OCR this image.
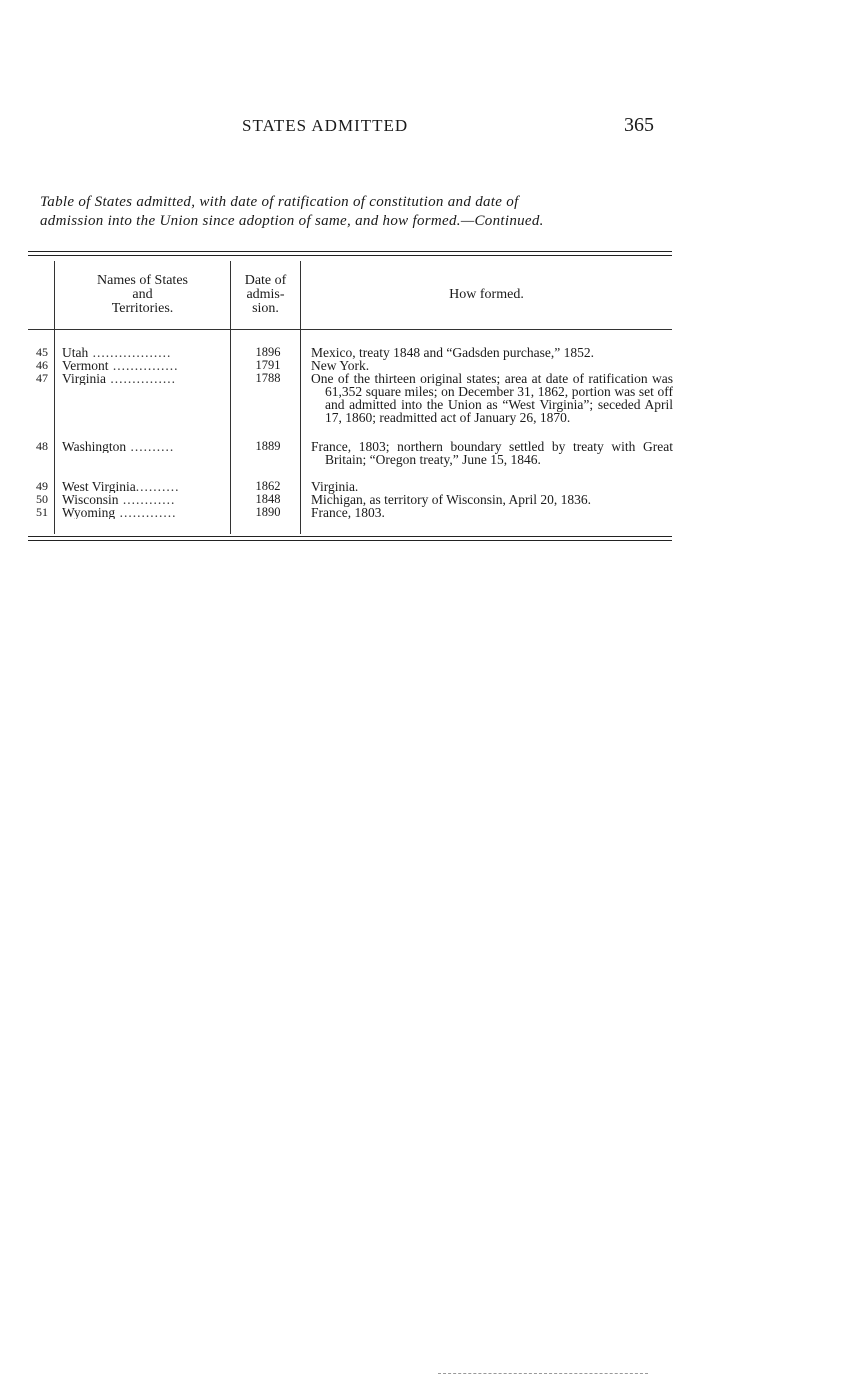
STATES ADMITTED	365
Table of States admitted, with date of ratification of constitution and date of
admission into the Union since adoption of same, and how formed.—Continued.
Names of States
and
Territories.
Date of
admis-
sion.
How formed.
45 Utah ..................	1896	Mexico, treaty 1848 and “Gadsden purchase,” 1852.
46 Vermont ...............	1791	New York.
47 Virginia ...............	1788	One of the thirteen original states; area at date of ratification was 61,352 square miles; on December 31, 1862, portion was set off and admitted into the Union as “West Virginia”; seceded April 17, 1860; readmitted act of January 26, 1870.
48 Washington ..........	1889	France, 1803; northern boundary settled by treaty with Great Britain; “Oregon treaty,” June 15, 1846.
49 West Virginia..........	1862	Virginia.
50 Wisconsin ............	1848	Michigan, as territory of Wisconsin, April 20, 1836.
51 Wyoming .............	1890	France, 1803.
